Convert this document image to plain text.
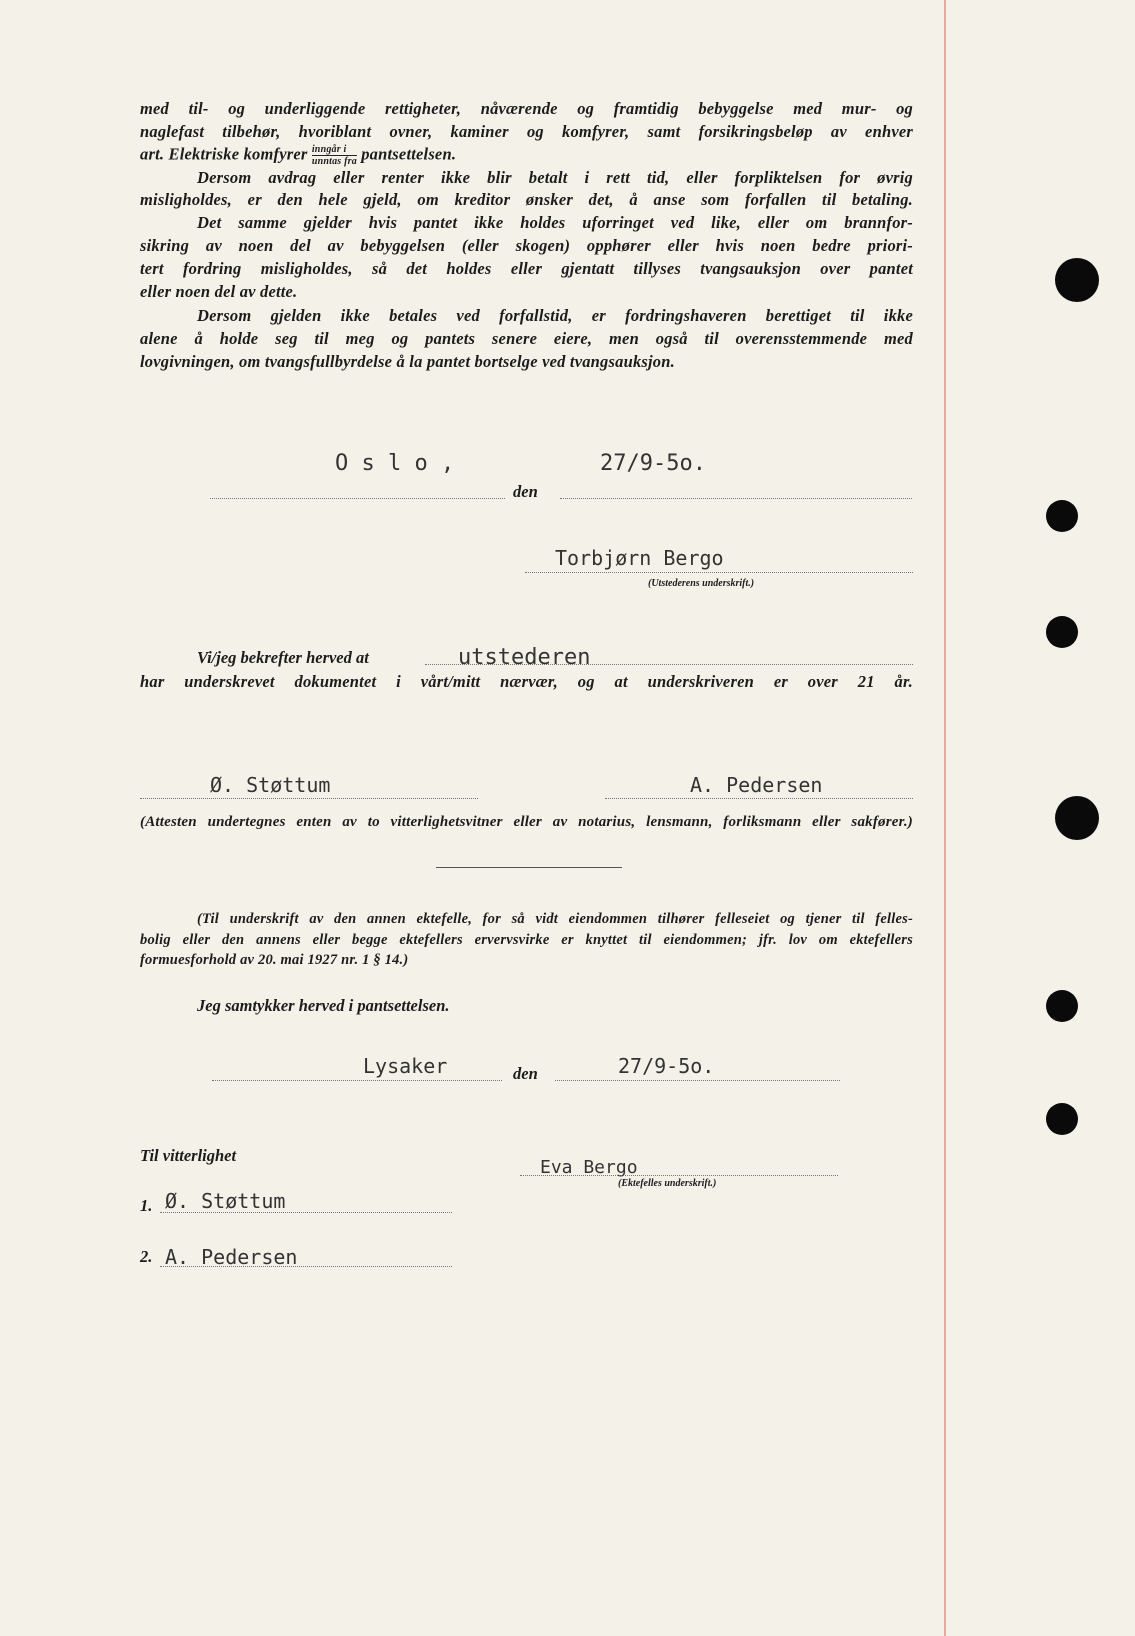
med til- og underliggende rettigheter, nåværende og framtidig bebyggelse med mur- og
naglefast tilbehør, hvoriblant ovner, kaminer og komfyrer, samt forsikringsbeløp av enhver
art. Elektriske komfyrer $\frac{\text{inngår i}}{\text{unntas fra}}$ pantsettelsen.
Dersom avdrag eller renter ikke blir betalt i rett tid, eller forpliktelsen for øvrig
misligholdes, er den hele gjeld, om kreditor ønsker det, å anse som forfallen til betaling.
Det samme gjelder hvis pantet ikke holdes uforringet ved like, eller om brannfor-
sikring av noen del av bebyggelsen (eller skogen) opphører eller hvis noen bedre priori-
tert fordring misligholdes, så det holdes eller gjentatt tillyses tvangsauksjon over pantet
eller noen del av dette.
Dersom gjelden ikke betales ved forfallstid, er fordringshaveren berettiget til ikke
alene å holde seg til meg og pantets senere eiere, men også til overensstemmende med
lovgivningen, om tvangsfullbyrdelse å la pantet bortselge ved tvangsauksjon.
O s l o ,
den
27/9-5o.
Torbjørn Bergo
(Utstederens underskrift.)
Vi/jeg bekrefter herved at	utstederen
har underskrevet dokumentet i vårt/mitt nærvær, og at underskriveren er over 21 år.
Ø. Støttum	A. Pedersen
(Attesten undertegnes enten av to vitterlighetsvitner eller av notarius, lensmann, forliksmann eller sakfører.)
(Til underskrift av den annen ektefelle, for så vidt eiendommen tilhører felleseiet og tjener til felles-
bolig eller den annens eller begge ektefellers ervervsvirke er knyttet til eiendommen; jfr. lov om ektefellers
formuesforhold av 20. mai 1927 nr. 1 § 14.)
Jeg samtykker herved i pantsettelsen.
Lysaker	den	27/9-5o.
Til vitterlighet
Eva Bergo
(Ektefelles underskrift.)
1. Ø. Støttum
2. A. Pedersen
